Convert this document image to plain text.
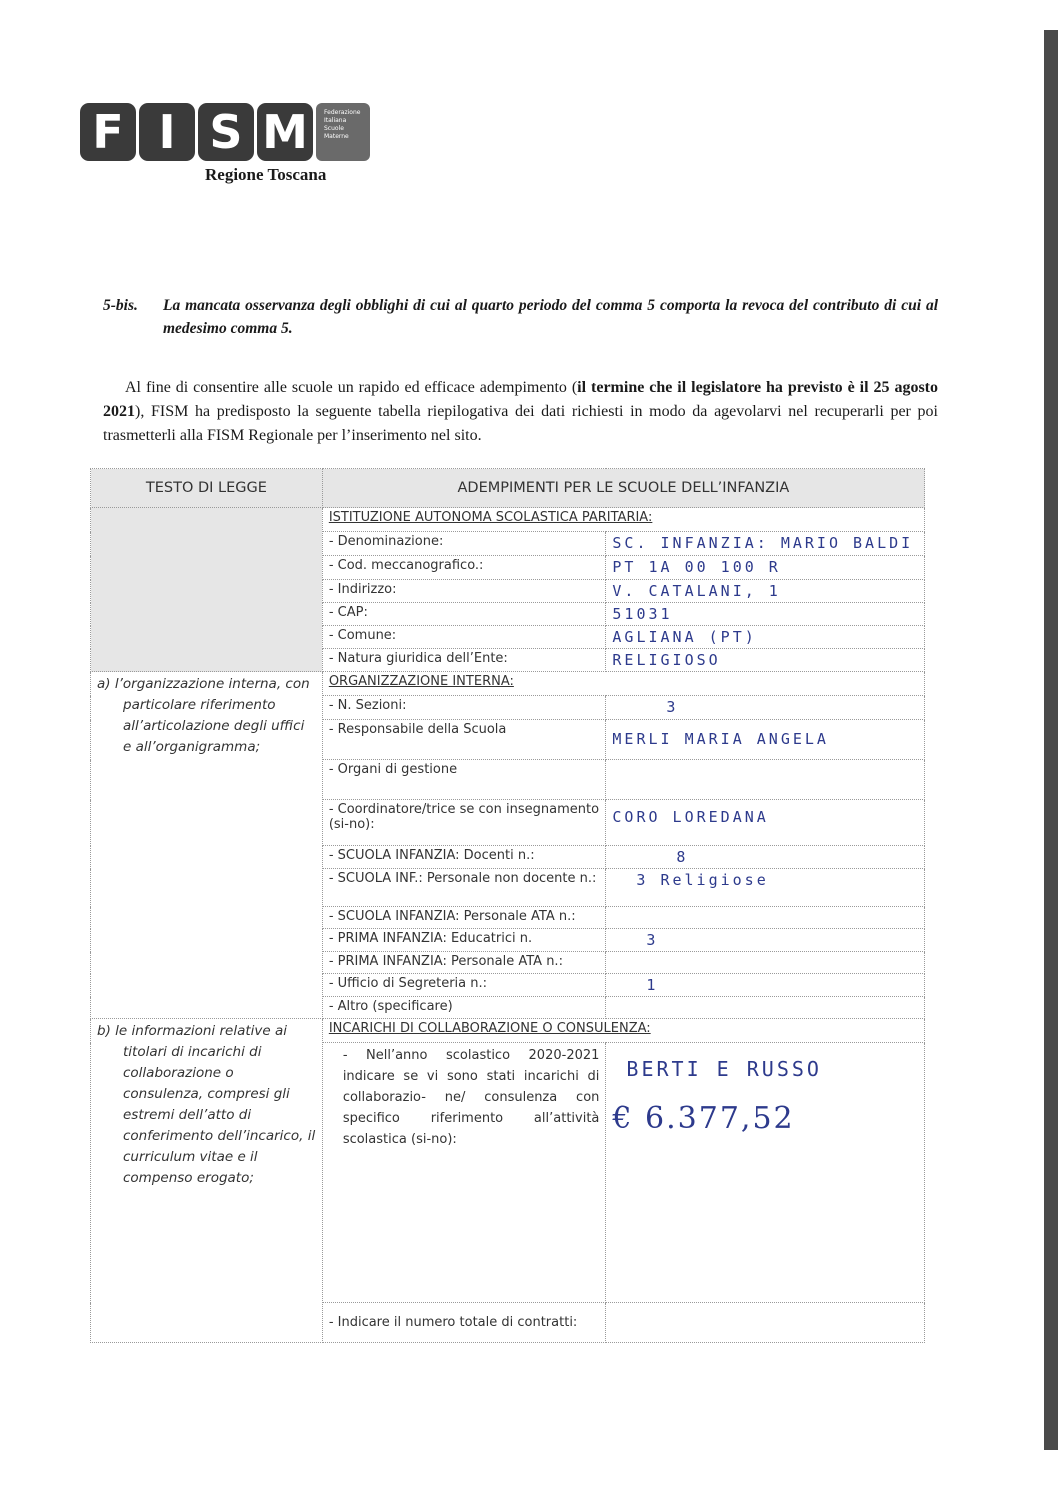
F I S M	Federazione
Italiana
Scuole
Materne
Regione Toscana
5-bis. La mancata osservanza degli obblighi di cui al quarto periodo del comma 5 comporta la revoca del contributo di cui al medesimo comma 5.
Al fine di consentire alle scuole un rapido ed efficace adempimento (il termine che il legislatore ha previsto è il 25 agosto 2021), FISM ha predisposto la seguente tabella riepilogativa dei dati richiesti in modo da agevolarvi nel recuperarli per poi trasmetterli alla FISM Regionale per l’inserimento nel sito.
TESTO DI LEGGE	ADEMPIMENTI PER LE SCUOLE DELL’INFANZIA	
	ISTITUZIONE AUTONOMA SCOLASTICA PARITARIA:	
	- Denominazione:	SC. INFANZIA: MARIO BALDI
	- Cod. meccanografico.:	PT 1A 00 100 R
	- Indirizzo:	V. CATALANI, 1
	- CAP:	51031
	- Comune:	AGLIANA (PT)
	- Natura giuridica dell’Ente:	RELIGIOSO

a) l’organizzazione interna, con particolare riferimento all’articolazione degli uffici e all’organigramma;	ORGANIZZAZIONE INTERNA:	
	- N. Sezioni:	3
	- Responsabile della Scuola	MERLI MARIA ANGELA
	- Organi di gestione	
	- Coordinatore/trice se con insegnamento (si-no):	CORO LOREDANA
	- SCUOLA INFANZIA: Docenti n.:	8
	- SCUOLA INF.: Personale non docente n.:	3 Religiose
	- SCUOLA INFANZIA: Personale ATA n.:	
	- PRIMA INFANZIA: Educatrici n.	3
	- PRIMA INFANZIA: Personale ATA n.:	
	- Ufficio di Segreteria n.:	1
	- Altro (specificare)	

b) le informazioni relative ai titolari di incarichi di collaborazione o consulenza, compresi gli estremi dell’atto di conferimento dell’incarico, il curriculum vitae e il compenso erogato;	INCARICHI DI COLLABORAZIONE O CONSULENZA:	
	- Nell’anno scolastico 2020-2021 indicare se vi sono stati incarichi di collaborazio- ne/ consulenza con specifico riferimento all’attività scolastica (si-no):	BERTI E RUSSO
€ 6.377,52

	- Indicare il numero totale di contratti:	
